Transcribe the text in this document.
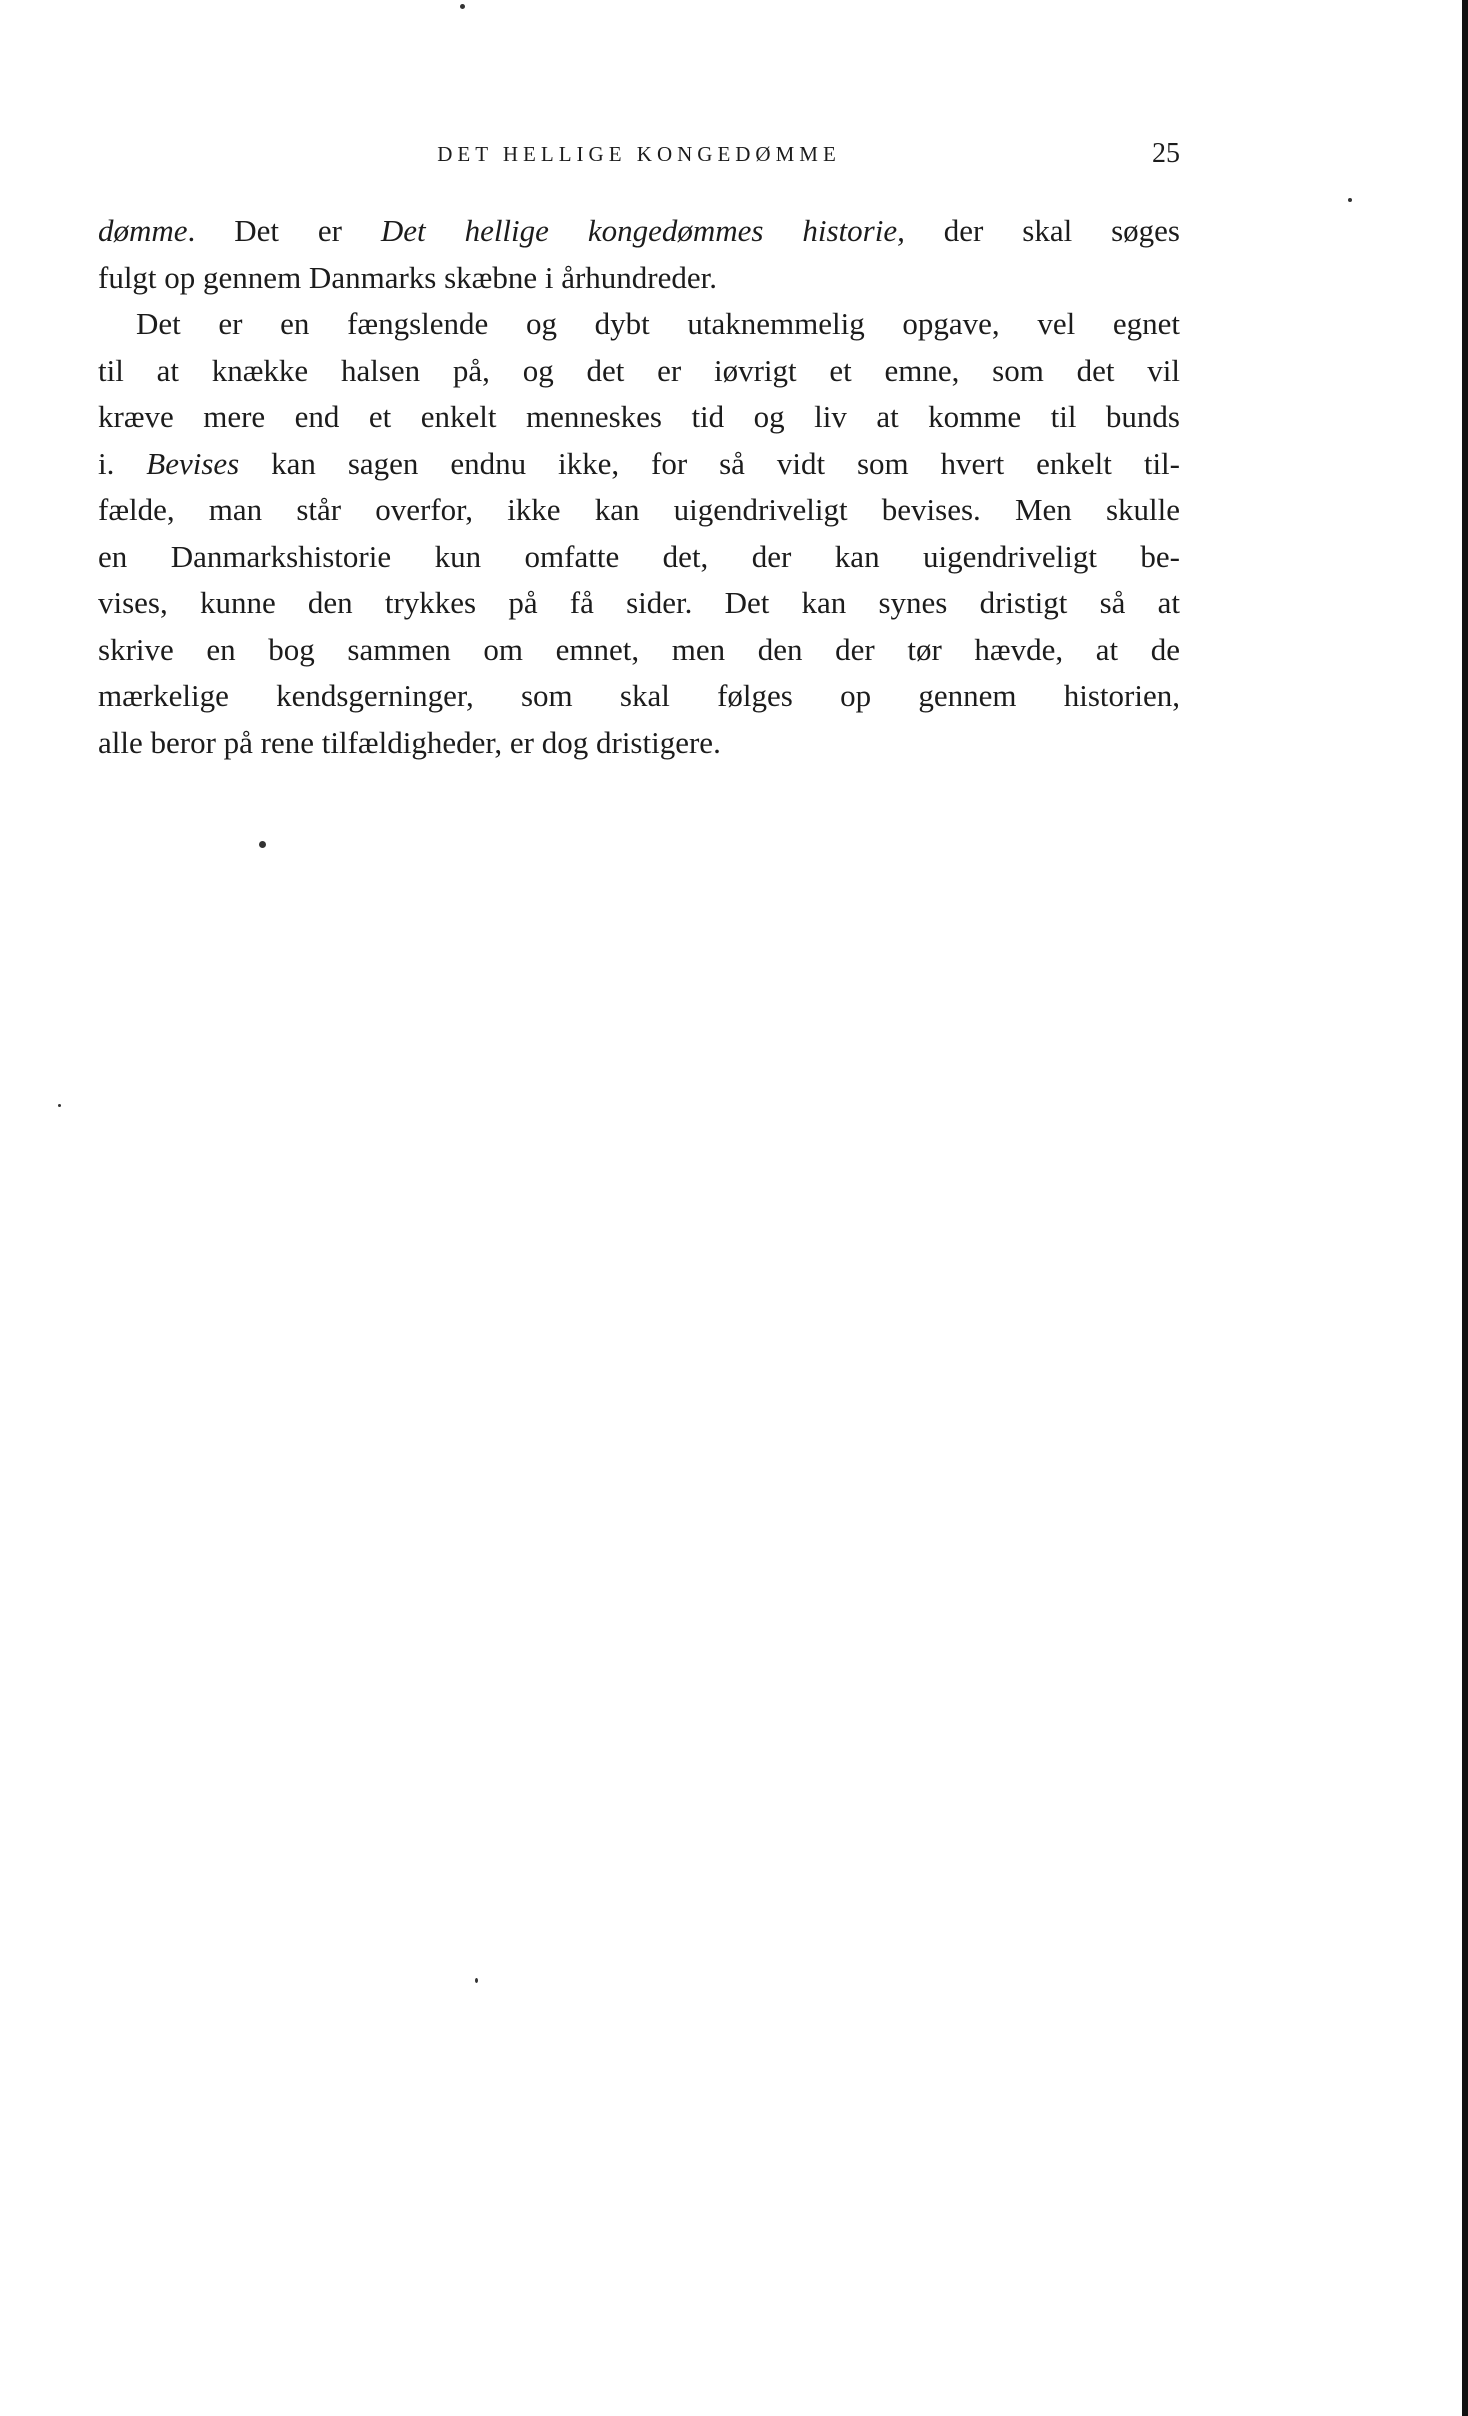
DET HELLIGE KONGEDØMME	25
dømme. Det er Det hellige kongedømmes historie, der skal søges
fulgt op gennem Danmarks skæbne i århundreder.
Det er en fængslende og dybt utaknemmelig opgave, vel egnet
til at knække halsen på, og det er iøvrigt et emne, som det vil
kræve mere end et enkelt menneskes tid og liv at komme til bunds
i. Bevises kan sagen endnu ikke, for så vidt som hvert enkelt til-
fælde, man står overfor, ikke kan uigendriveligt bevises. Men skulle
en Danmarkshistorie kun omfatte det, der kan uigendriveligt be-
vises, kunne den trykkes på få sider. Det kan synes dristigt så at
skrive en bog sammen om emnet, men den der tør hævde, at de
mærkelige kendsgerninger, som skal følges op gennem historien,
alle beror på rene tilfældigheder, er dog dristigere.
